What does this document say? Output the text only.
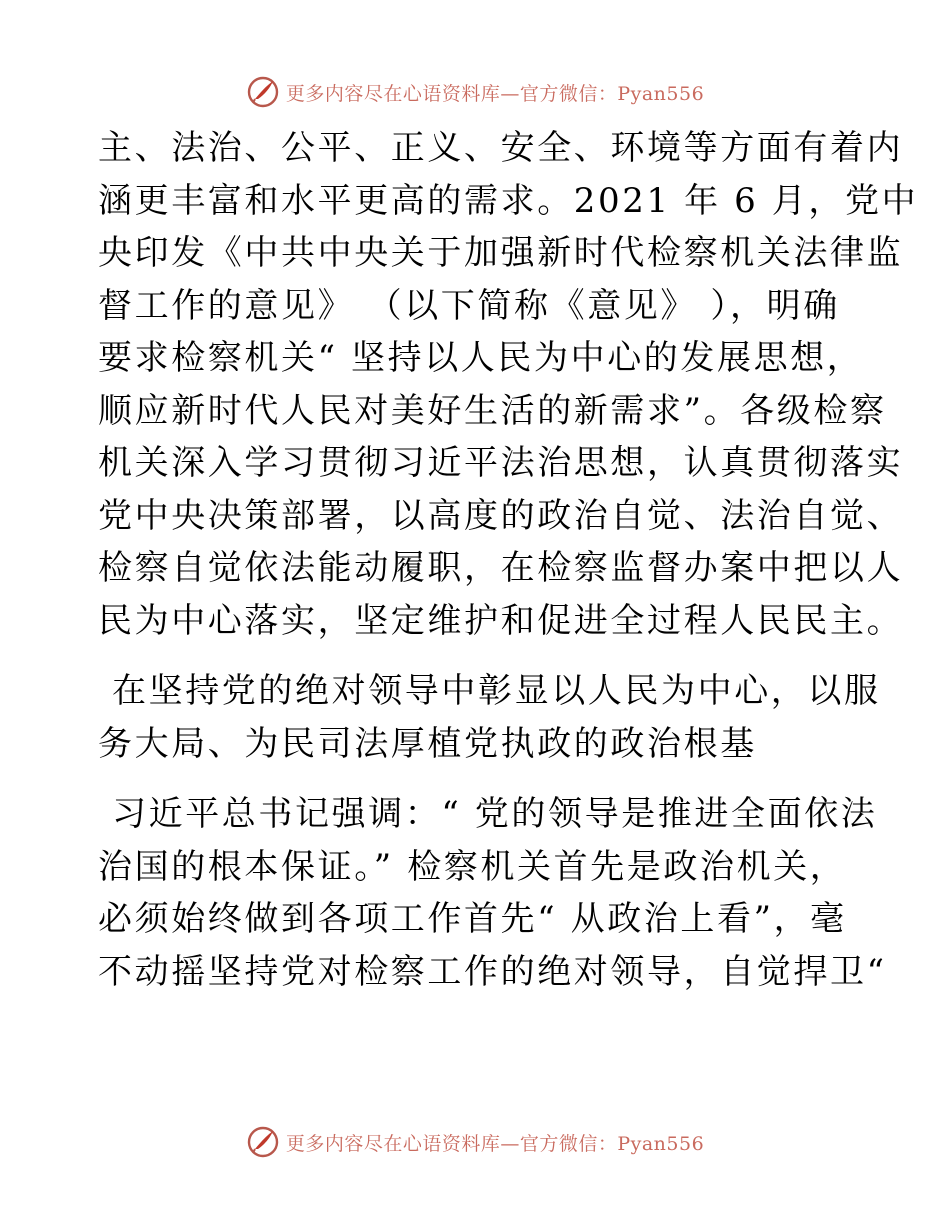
更多内容尽在心语资料库—官方微信：Pyan556
主、法治、公平、正义、安全、环境等方面有着内
涵更丰富和水平更高的需求。2021 年 6 月，党中
央印发《中共中央关于加强新时代检察机关法律监
督工作的意见》 （以下简称《意见》 ），明确
要求检察机关“ 坚持以人民为中心的发展思想，
顺应新时代人民对美好生活的新需求”。各级检察
机关深入学习贯彻习近平法治思想，认真贯彻落实
党中央决策部署，以高度的政治自觉、法治自觉、
检察自觉依法能动履职，在检察监督办案中把以人
民为中心落实，坚定维护和促进全过程人民民主。
在坚持党的绝对领导中彰显以人民为中心，以服
务大局、为民司法厚植党执政的政治根基
习近平总书记强调：“ 党的领导是推进全面依法
治国的根本保证。” 检察机关首先是政治机关，
必须始终做到各项工作首先“ 从政治上看”，毫
不动摇坚持党对检察工作的绝对领导，自觉捍卫“
更多内容尽在心语资料库—官方微信：Pyan556
